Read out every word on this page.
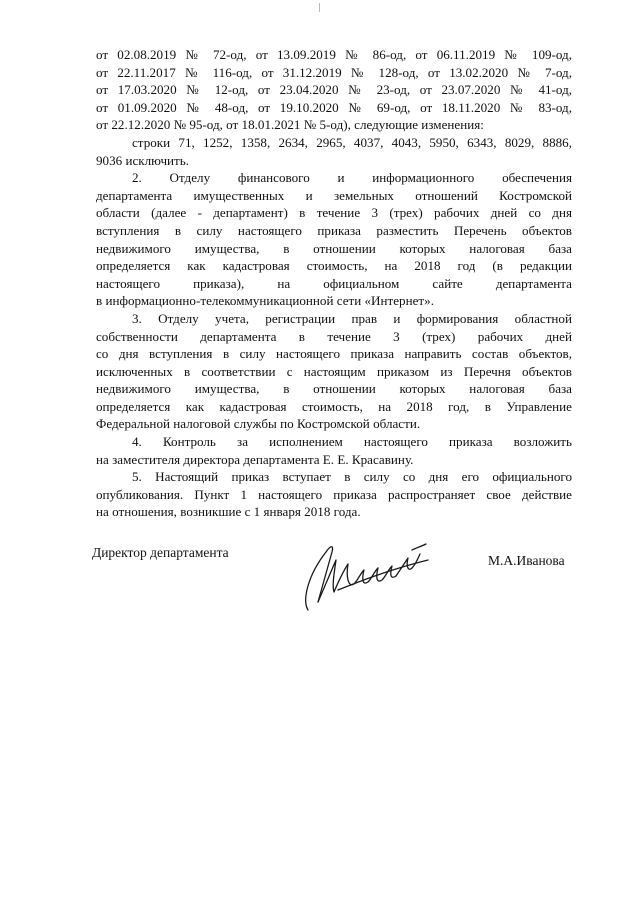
от 02.08.2019 № 72-од, от 13.09.2019 № 86-од, от 06.11.2019 № 109-од,
от 22.11.2017 № 116-од, от 31.12.2019 № 128-од, от 13.02.2020 № 7-од,
от 17.03.2020 № 12-од, от 23.04.2020 № 23-од, от 23.07.2020 № 41-од,
от 01.09.2020 № 48-од, от 19.10.2020 № 69-од, от 18.11.2020 № 83-од,
от 22.12.2020 № 95-од, от 18.01.2021 № 5-од), следующие изменения:
строки 71, 1252, 1358, 2634, 2965, 4037, 4043, 5950, 6343, 8029, 8886,
9036 исключить.
2. Отделу финансового и информационного обеспечения
департамента имущественных и земельных отношений Костромской
области (далее - департамент) в течение 3 (трех) рабочих дней со дня
вступления в силу настоящего приказа разместить Перечень объектов
недвижимого имущества, в отношении которых налоговая база
определяется как кадастровая стоимость, на 2018 год (в редакции
настоящего приказа), на официальном сайте департамента
в информационно-телекоммуникационной сети «Интернет».
3. Отделу учета, регистрации прав и формирования областной
собственности департамента в течение 3 (трех) рабочих дней
со дня вступления в силу настоящего приказа направить состав объектов,
исключенных в соответствии с настоящим приказом из Перечня объектов
недвижимого имущества, в отношении которых налоговая база
определяется как кадастровая стоимость, на 2018 год, в Управление
Федеральной налоговой службы по Костромской области.
4. Контроль за исполнением настоящего приказа возложить
на заместителя директора департамента Е. Е. Красавину.
5. Настоящий приказ вступает в силу со дня его официального
опубликования. Пункт 1 настоящего приказа распространяет свое действие
на отношения, возникшие с 1 января 2018 года.
Директор департамента
М.А.Иванова
